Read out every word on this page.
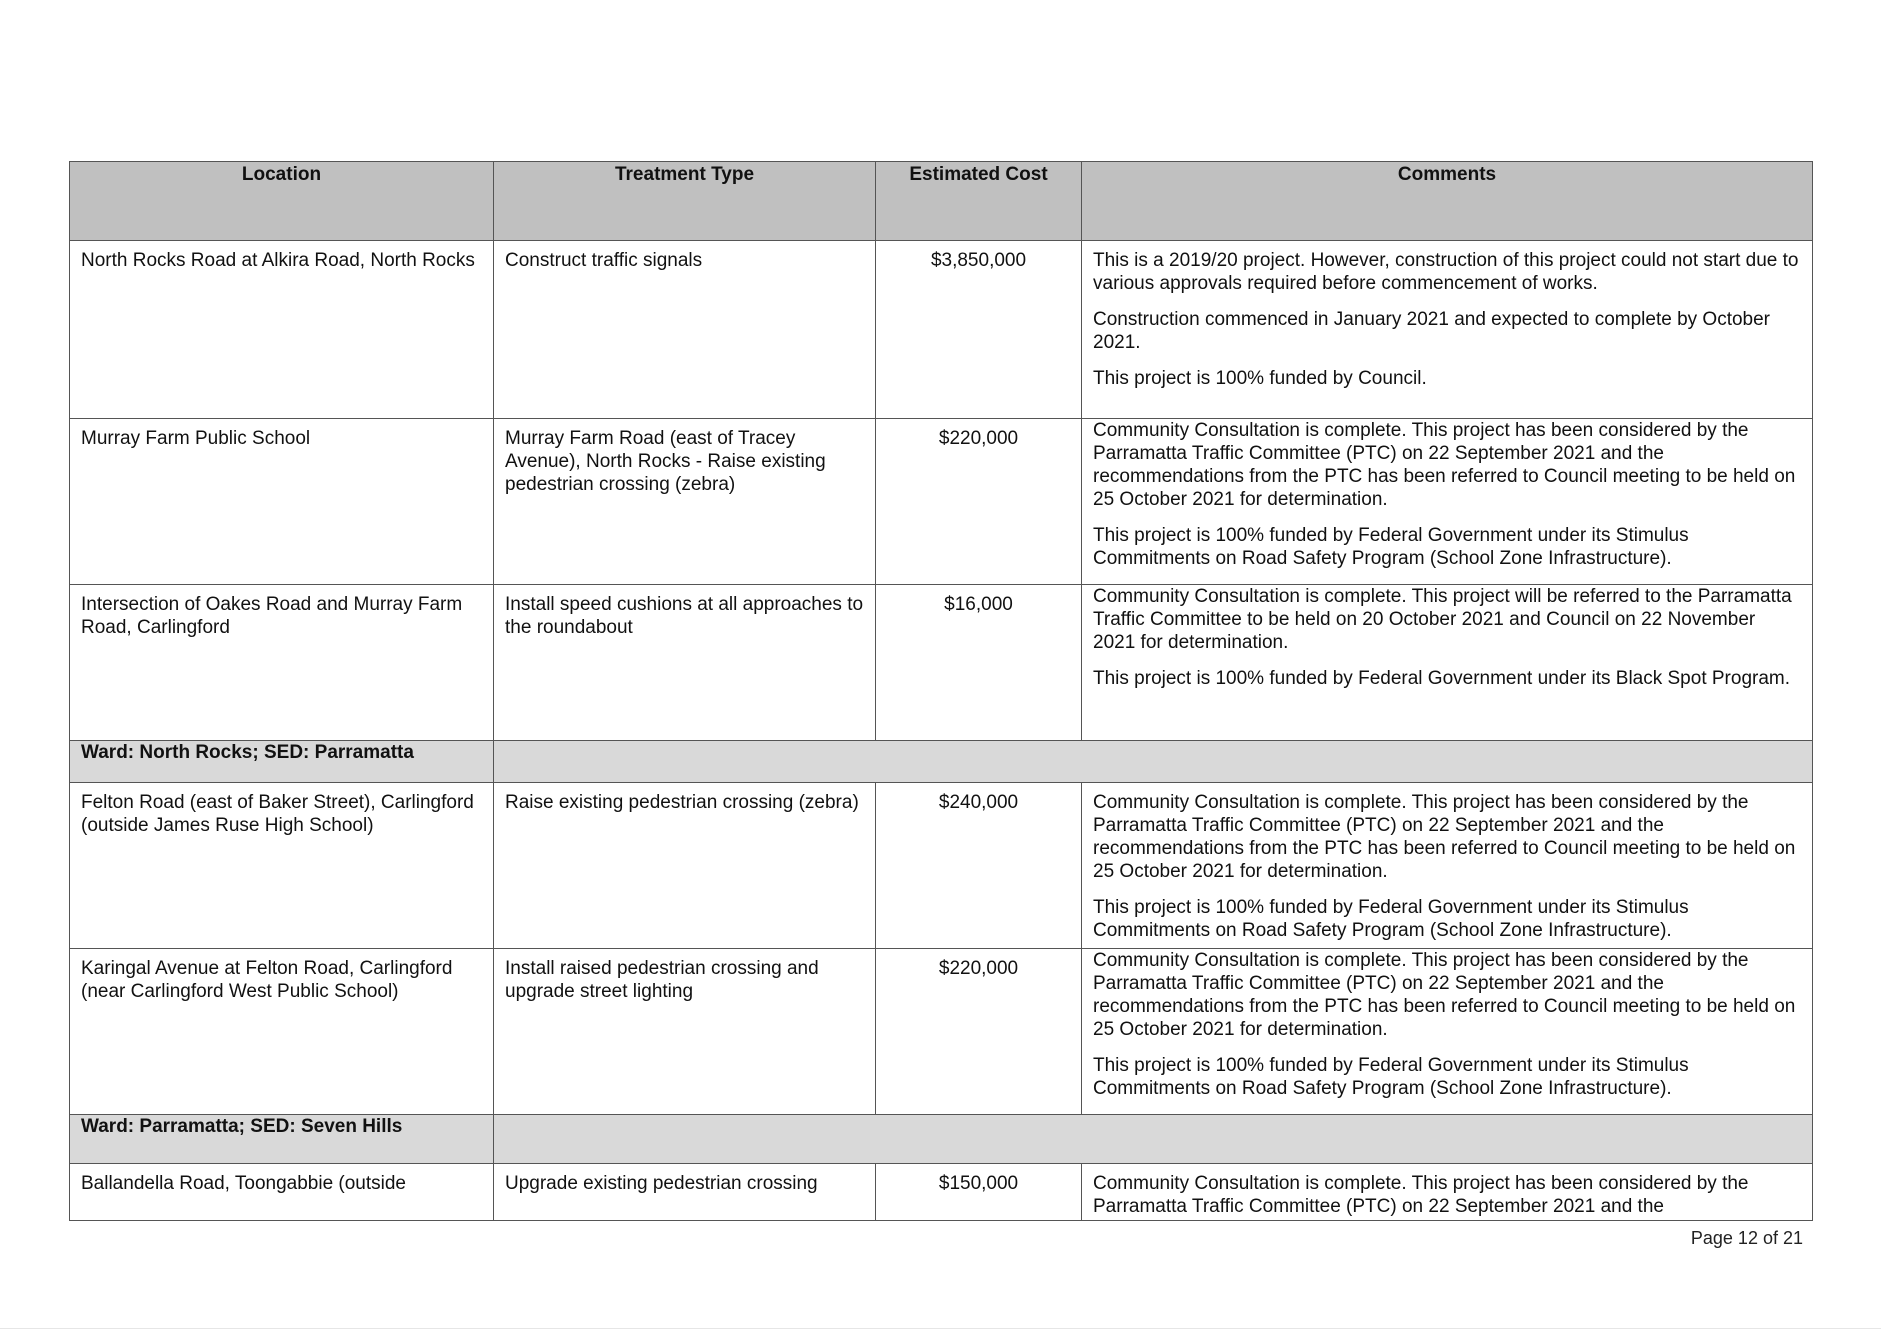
Location	Treatment Type	Estimated Cost	Comments

North Rocks Road at Alkira Road, North Rocks	Construct traffic signals	$3,850,000	This is a 2019/20 project. However, construction of this project could not start due to various approvals required before commencement of works.

Construction commenced in January 2021 and expected to complete by October 2021.

This project is 100% funded by Council.

Murray Farm Public School	Murray Farm Road (east of Tracey Avenue), North Rocks - Raise existing pedestrian crossing (zebra)	$220,000	Community Consultation is complete. This project has been considered by the Parramatta Traffic Committee (PTC) on 22 September 2021 and the recommendations from the PTC has been referred to Council meeting to be held on 25 October 2021 for determination.

This project is 100% funded by Federal Government under its Stimulus Commitments on Road Safety Program (School Zone Infrastructure).

Intersection of Oakes Road and Murray Farm Road, Carlingford	Install speed cushions at all approaches to the roundabout	$16,000	Community Consultation is complete. This project will be referred to the Parramatta Traffic Committee to be held on 20 October 2021 and Council on 22 November 2021 for determination.

This project is 100% funded by Federal Government under its Black Spot Program.

Ward: North Rocks; SED: Parramatta			
Felton Road (east of Baker Street), Carlingford (outside James Ruse High School)	Raise existing pedestrian crossing (zebra)	$240,000	Community Consultation is complete. This project has been considered by the Parramatta Traffic Committee (PTC) on 22 September 2021 and the recommendations from the PTC has been referred to Council meeting to be held on 25 October 2021 for determination.

This project is 100% funded by Federal Government under its Stimulus Commitments on Road Safety Program (School Zone Infrastructure).

Karingal Avenue at Felton Road, Carlingford (near Carlingford West Public School)	Install raised pedestrian crossing and upgrade street lighting	$220,000	Community Consultation is complete. This project has been considered by the Parramatta Traffic Committee (PTC) on 22 September 2021 and the recommendations from the PTC has been referred to Council meeting to be held on 25 October 2021 for determination.

This project is 100% funded by Federal Government under its Stimulus Commitments on Road Safety Program (School Zone Infrastructure).

Ward: Parramatta; SED: Seven Hills			
Ballandella Road, Toongabbie (outside	Upgrade existing pedestrian crossing	$150,000	Community Consultation is complete. This project has been considered by the Parramatta Traffic Committee (PTC) on 22 September 2021 and the

Page 12 of 21
